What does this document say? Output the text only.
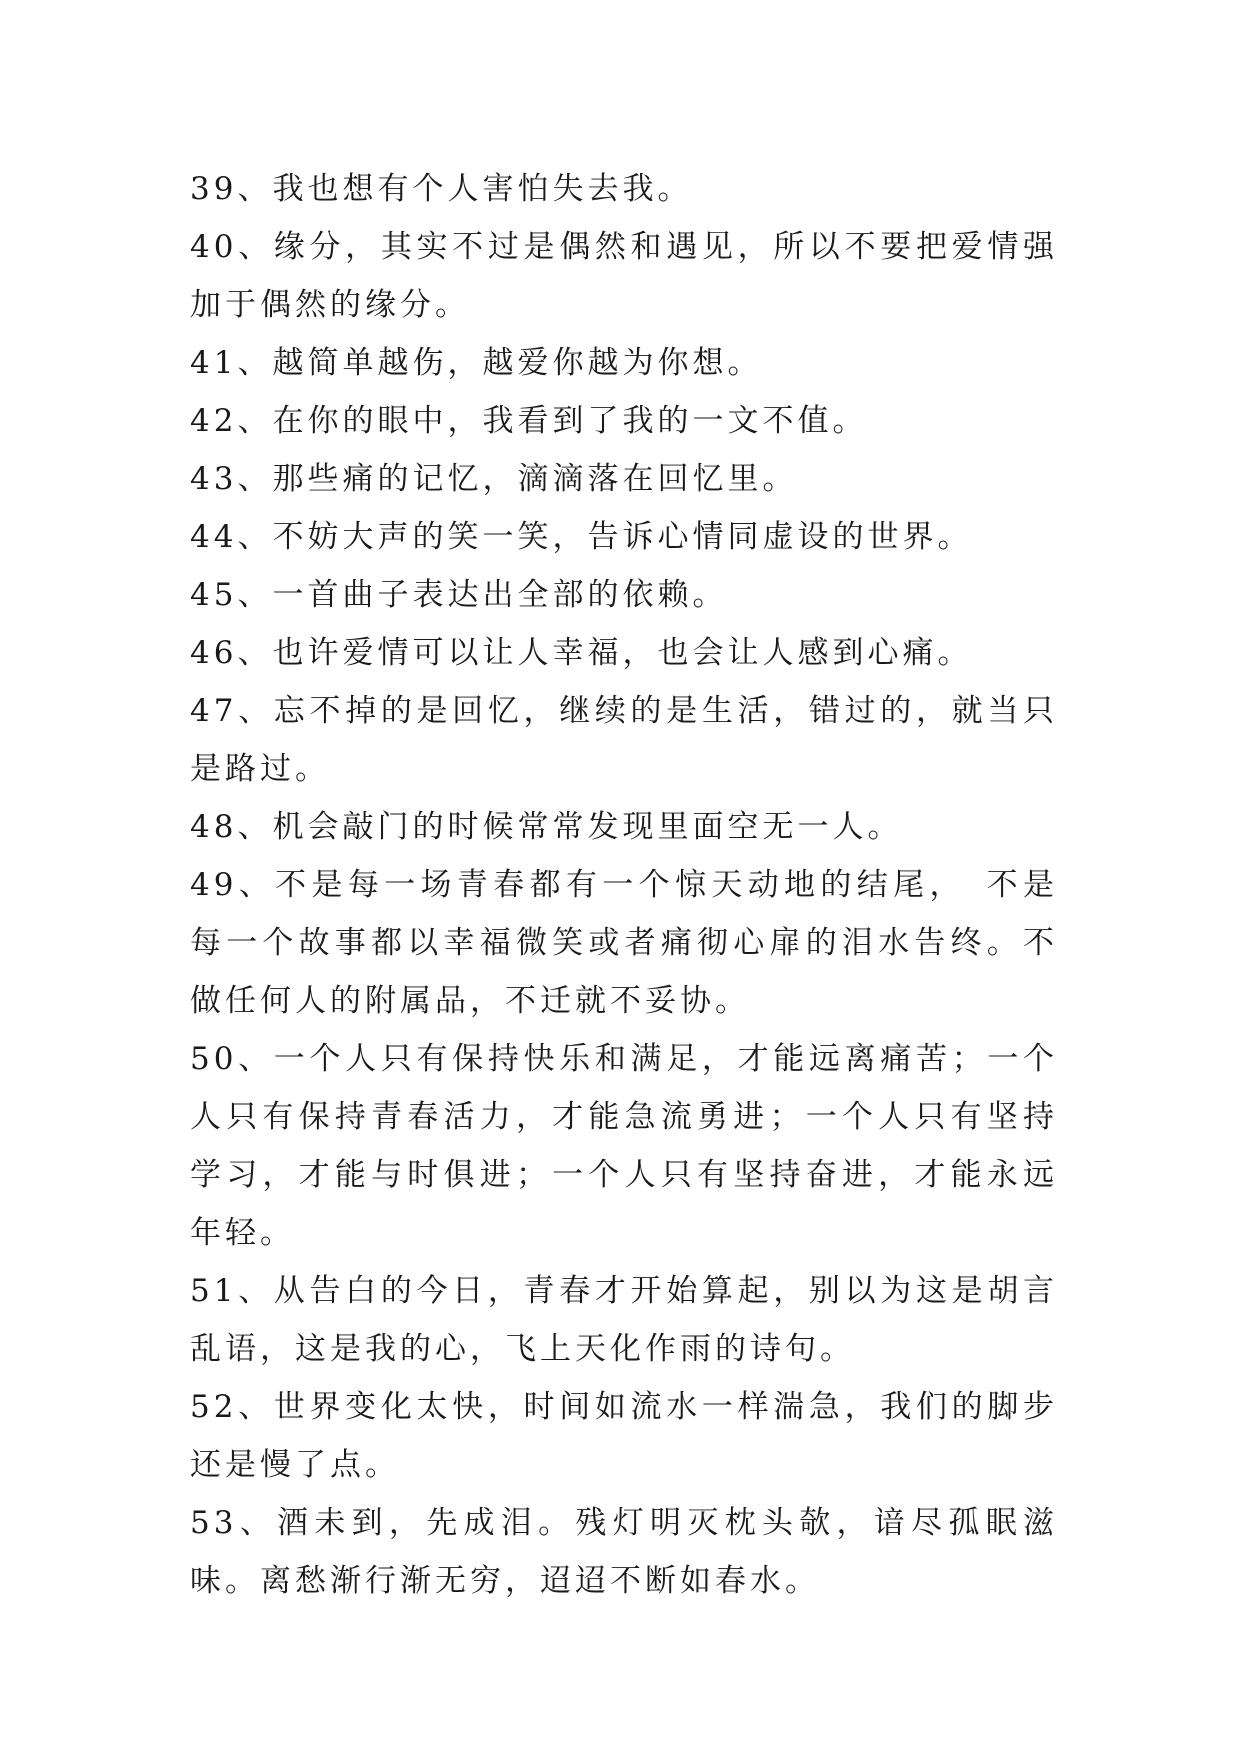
39、我也想有个人害怕失去我。

40、缘分，其实不过是偶然和遇见，所以不要把爱情强加于偶然的缘分。

41、越简单越伤，越爱你越为你想。

42、在你的眼中，我看到了我的一文不值。

43、那些痛的记忆，滴滴落在回忆里。

44、不妨大声的笑一笑，告诉心情同虚设的世界。

45、一首曲子表达出全部的依赖。

46、也许爱情可以让人幸福，也会让人感到心痛。

47、忘不掉的是回忆，继续的是生活，错过的，就当只是路过。

48、机会敲门的时候常常发现里面空无一人。

49、不是每一场青春都有一个惊天动地的结尾，　不是每一个故事都以幸福微笑或者痛彻心扉的泪水告终。不做任何人的附属品，不迁就不妥协。

50、一个人只有保持快乐和满足，才能远离痛苦；一个人只有保持青春活力，才能急流勇进；一个人只有坚持学习，才能与时俱进；一个人只有坚持奋进，才能永远年轻。

51、从告白的今日，青春才开始算起，别以为这是胡言乱语，这是我的心，飞上天化作雨的诗句。

52、世界变化太快，时间如流水一样湍急，我们的脚步还是慢了点。

53、酒未到，先成泪。残灯明灭枕头欹，谙尽孤眠滋味。离愁渐行渐无穷，迢迢不断如春水。
